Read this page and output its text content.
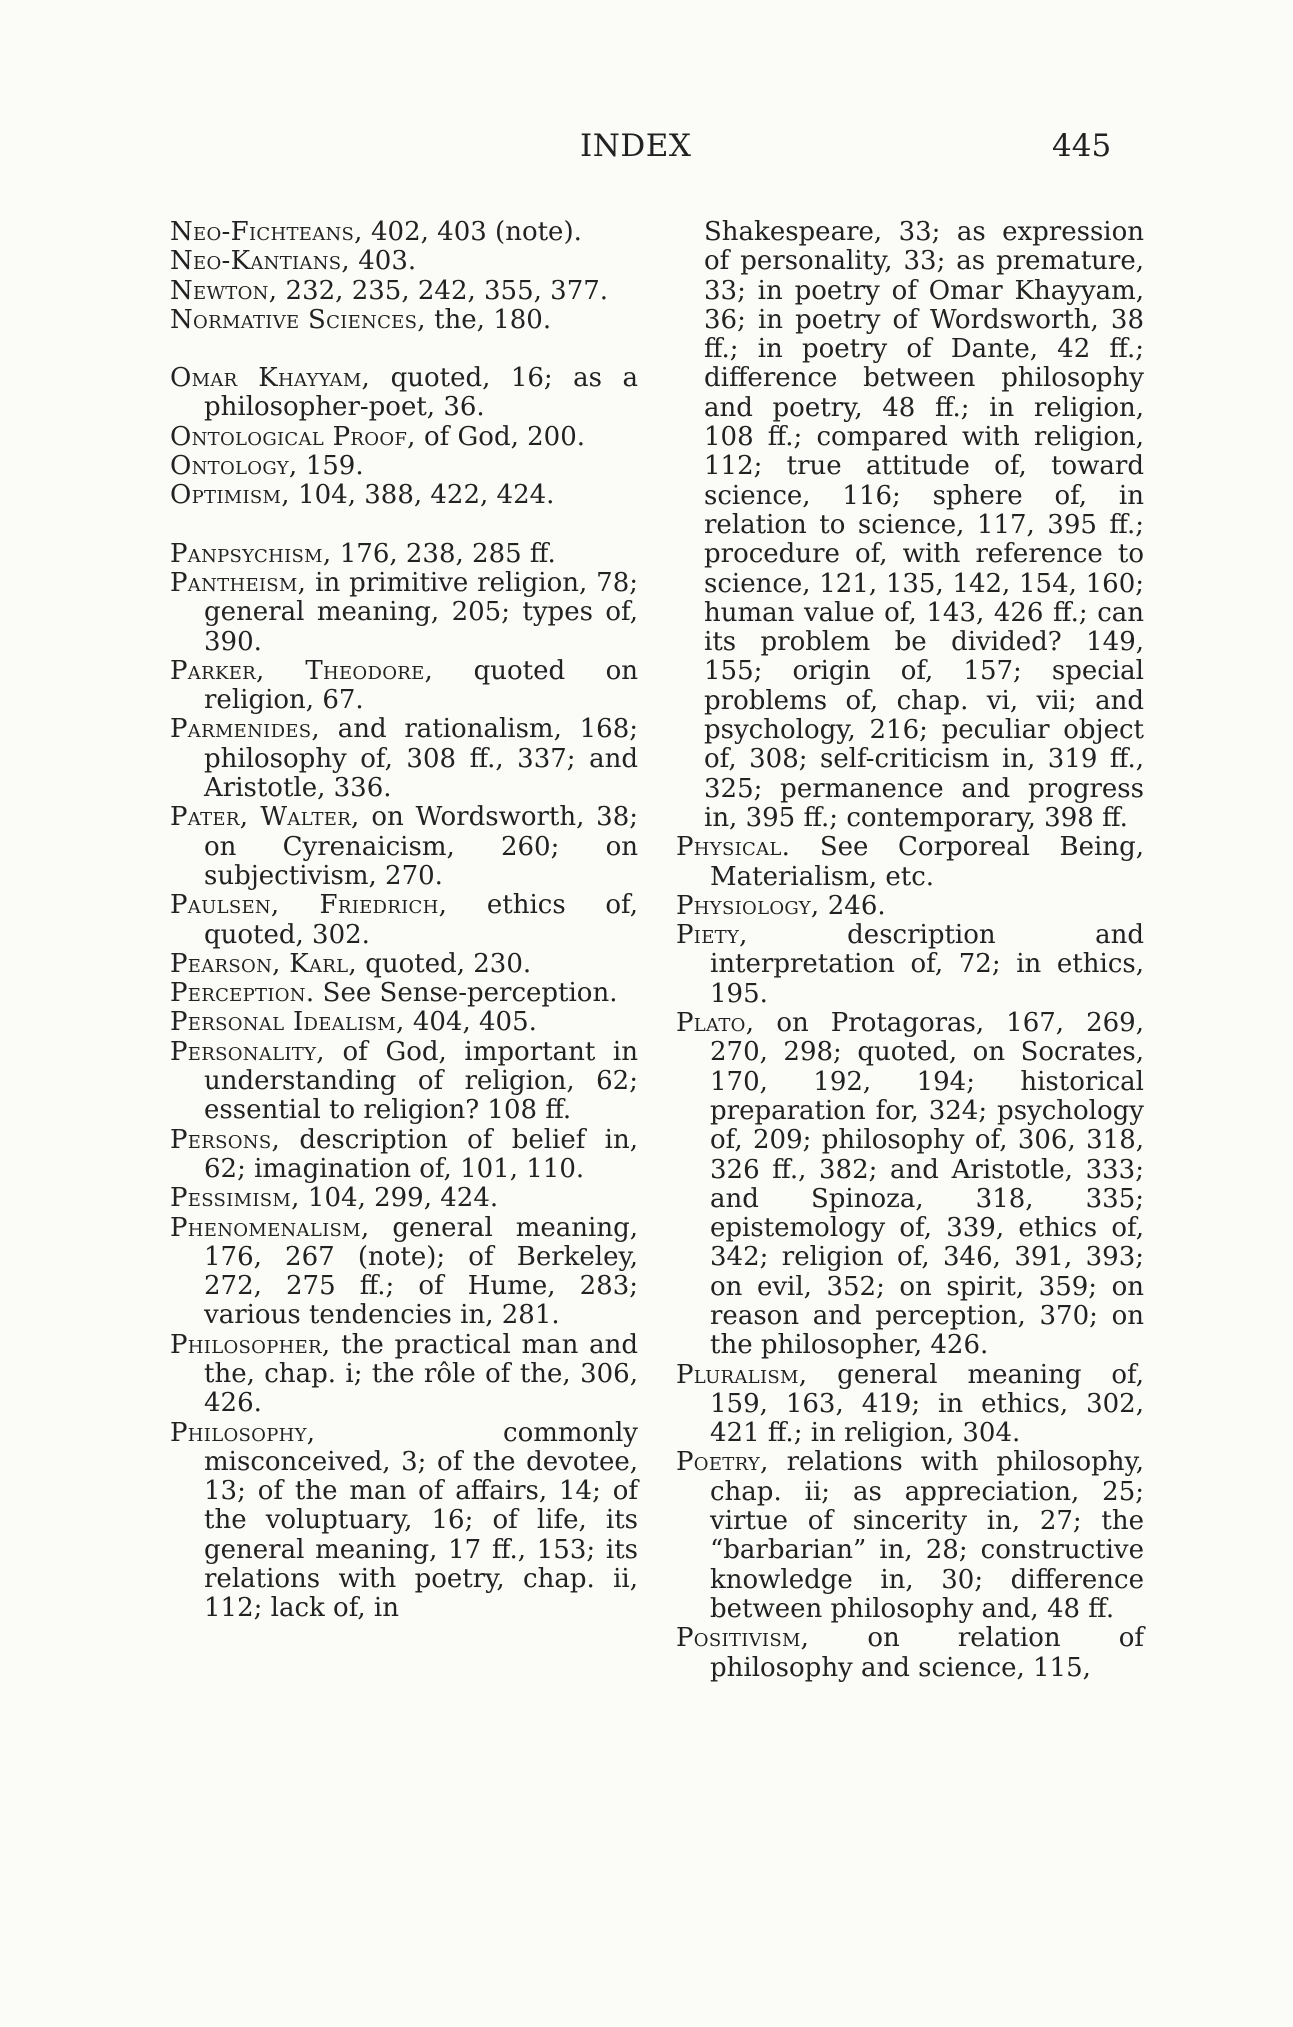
INDEX	445
Neo-Fichteans, 402, 403 (note).
Neo-Kantians, 403.
Newton, 232, 235, 242, 355, 377.
Normative Sciences, the, 180.
Omar Khayyam, quoted, 16; as a philosopher-poet, 36.
Ontological Proof, of God, 200.
Ontology, 159.
Optimism, 104, 388, 422, 424.
Panpsychism, 176, 238, 285 ff.
Pantheism, in primitive religion, 78; general meaning, 205; types of, 390.
Parker, Theodore, quoted on religion, 67.
Parmenides, and rationalism, 168; philosophy of, 308 ff., 337; and Aristotle, 336.
Pater, Walter, on Wordsworth, 38; on Cyrenaicism, 260; on subjectivism, 270.
Paulsen, Friedrich, ethics of, quoted, 302.
Pearson, Karl, quoted, 230.
Perception. See Sense-perception.
Personal Idealism, 404, 405.
Personality, of God, important in understanding of religion, 62; essential to religion? 108 ff.
Persons, description of belief in, 62; imagination of, 101, 110.
Pessimism, 104, 299, 424.
Phenomenalism, general meaning, 176, 267 (note); of Berkeley, 272, 275 ff.; of Hume, 283; various tendencies in, 281.
Philosopher, the practical man and the, chap. i; the rôle of the, 306, 426.
Philosophy, commonly misconceived, 3; of the devotee, 13; of the man of affairs, 14; of the voluptuary, 16; of life, its general meaning, 17 ff., 153; its relations with poetry, chap. ii, 112; lack of, in
Shakespeare, 33; as expression of personality, 33; as premature, 33; in poetry of Omar Khayyam, 36; in poetry of Wordsworth, 38 ff.; in poetry of Dante, 42 ff.; difference between philosophy and poetry, 48 ff.; in religion, 108 ff.; compared with religion, 112; true attitude of, toward science, 116; sphere of, in relation to science, 117, 395 ff.; procedure of, with reference to science, 121, 135, 142, 154, 160; human value of, 143, 426 ff.; can its problem be divided? 149, 155; origin of, 157; special problems of, chap. vi, vii; and psychology, 216; peculiar object of, 308; self-criticism in, 319 ff., 325; permanence and progress in, 395 ff.; contemporary, 398 ff.
Physical. See Corporeal Being, Materialism, etc.
Physiology, 246.
Piety, description and interpretation of, 72; in ethics, 195.
Plato, on Protagoras, 167, 269, 270, 298; quoted, on Socrates, 170, 192, 194; historical preparation for, 324; psychology of, 209; philosophy of, 306, 318, 326 ff., 382; and Aristotle, 333; and Spinoza, 318, 335; epistemology of, 339, ethics of, 342; religion of, 346, 391, 393; on evil, 352; on spirit, 359; on reason and perception, 370; on the philosopher, 426.
Pluralism, general meaning of, 159, 163, 419; in ethics, 302, 421 ff.; in religion, 304.
Poetry, relations with philosophy, chap. ii; as appreciation, 25; virtue of sincerity in, 27; the “barbarian” in, 28; constructive knowledge in, 30; difference between philosophy and, 48 ff.
Positivism, on relation of philosophy and science, 115,
